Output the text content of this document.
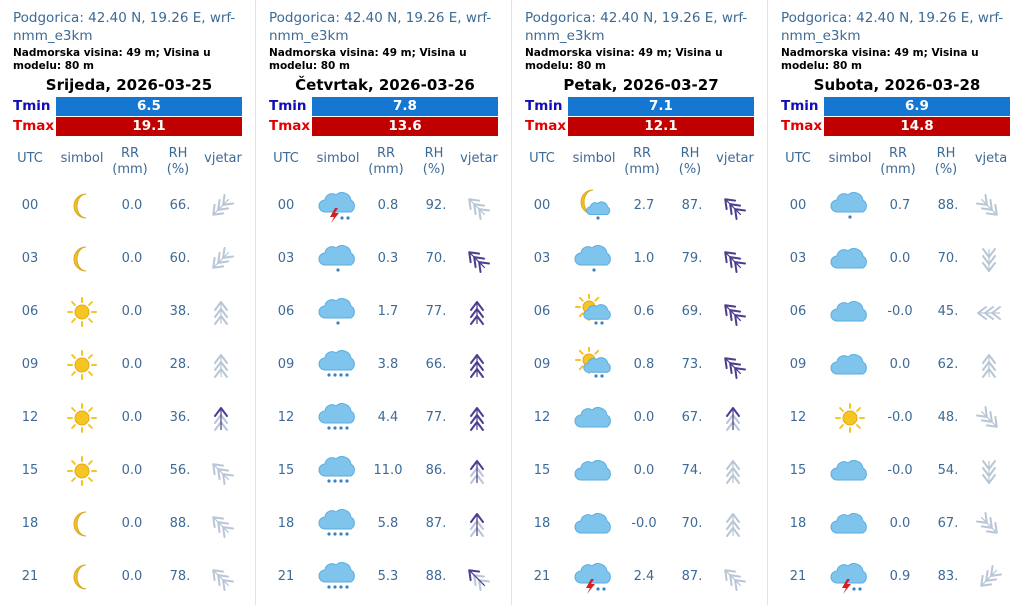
Podgorica: 42.40 N, 19.26 E, wrf-nmm_e3km
Nadmorska visina: 49 m; Visina u modelu: 80 m
Srijeda, 2026-03-25
Tmin	6.5
Tmax	19.1
UTC	simbol	RR
(mm)
RH
(%)
vjetar
00	0.0	66.
03	0.0	60.
06	0.0	38.
09	0.0	28.
12	0.0	36.
15	0.0	56.
18	0.0	88.
21	0.0	78.
Podgorica: 42.40 N, 19.26 E, wrf-nmm_e3km
Nadmorska visina: 49 m; Visina u modelu: 80 m
Četvrtak, 2026-03-26
Tmin	7.8
Tmax	13.6
UTC	simbol	RR
(mm)
RH
(%)
vjetar
00	0.8	92.
03	0.3	70.
06	1.7	77.
09	3.8	66.
12	4.4	77.
15	11.0	86.
18	5.8	87.
21	5.3	88.
Podgorica: 42.40 N, 19.26 E, wrf-nmm_e3km
Nadmorska visina: 49 m; Visina u modelu: 80 m
Petak, 2026-03-27
Tmin	7.1
Tmax	12.1
UTC	simbol	RR
(mm)
RH
(%)
vjetar
00	2.7	87.
03	1.0	79.
06	0.6	69.
09	0.8	73.
12	0.0	67.
15	0.0	74.
18	-0.0	70.
21	2.4	87.
Podgorica: 42.40 N, 19.26 E, wrf-nmm_e3km
Nadmorska visina: 49 m; Visina u modelu: 80 m
Subota, 2026-03-28
Tmin	6.9
Tmax	14.8
UTC	simbol	RR
(mm)
RH
(%)
vjeta
00	0.7	88.
03	0.0	70.
06	-0.0	45.
09	0.0	62.
12	-0.0	48.
15	-0.0	54.
18	0.0	67.
21	0.9	83.
